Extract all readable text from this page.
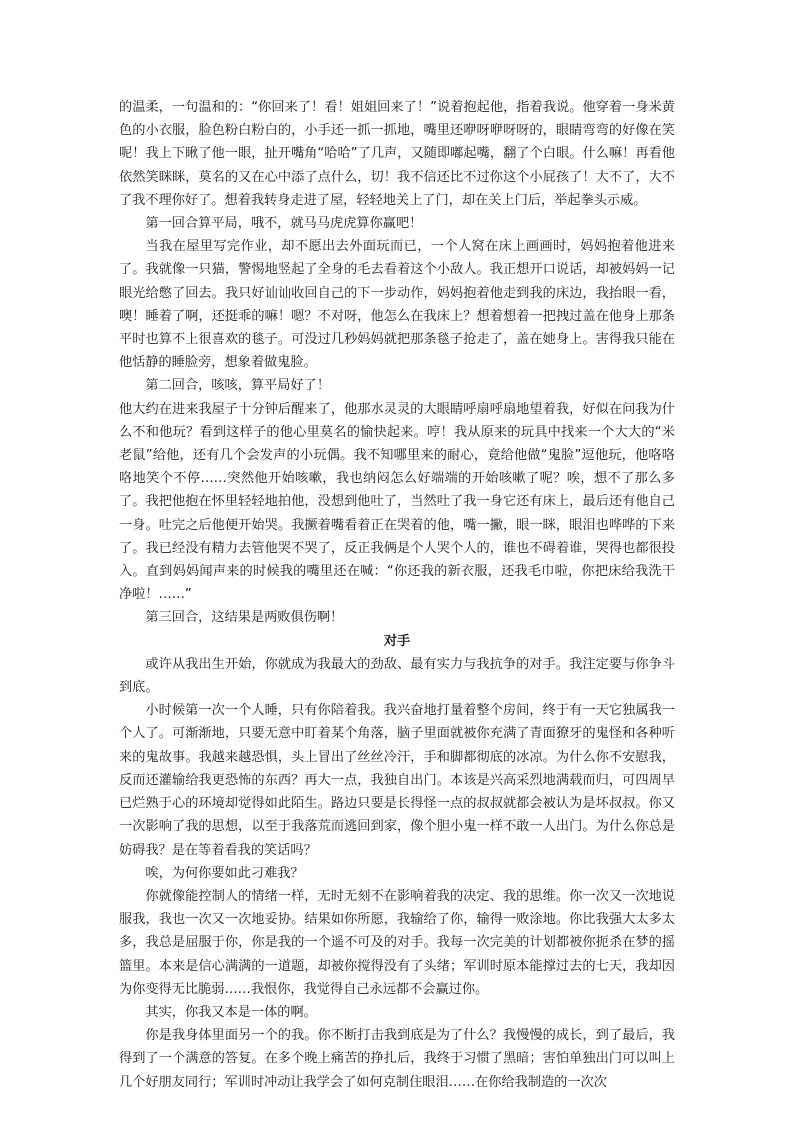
的温柔，一句温和的：“你回来了！看！姐姐回来了！”说着抱起他，指着我说。他穿着一身米黄色的小衣服，脸色粉白粉白的，小手还一抓一抓地，嘴里还咿呀咿呀呀的，眼睛弯弯的好像在笑呢！我上下瞅了他一眼，扯开嘴角“哈哈”了几声，又随即嘟起嘴，翻了个白眼。什么嘛！再看他依然笑眯眯，莫名的又在心中添了点什么，切！我不信还比不过你这个小屁孩了！大不了，大不了我不理你好了。想着我转身走进了屋，轻轻地关上了门，却在关上门后，举起拳头示威。

第一回合算平局，哦不，就马马虎虎算你赢吧！

当我在屋里写完作业，却不愿出去外面玩而已，一个人窝在床上画画时，妈妈抱着他进来了。我就像一只猫，警惕地竖起了全身的毛去看着这个小敌人。我正想开口说话，却被妈妈一记眼光给憋了回去。我只好讪讪收回自己的下一步动作，妈妈抱着他走到我的床边，我抬眼一看，噢！睡着了啊，还挺乖的嘛！嗯？不对呀，他怎么在我床上？想着想着一把拽过盖在他身上那条平时也算不上很喜欢的毯子。可没过几秒妈妈就把那条毯子抢走了，盖在她身上。害得我只能在他恬静的睡脸旁，想象着做鬼脸。

第二回合，咳咳，算平局好了！

他大约在进来我屋子十分钟后醒来了，他那水灵灵的大眼睛呼扇呼扇地望着我，好似在问我为什么不和他玩？看到这样子的他心里莫名的愉快起来。哼！我从原来的玩具中找来一个大大的“米老鼠”给他，还有几个会发声的小玩偶。我不知哪里来的耐心，竟给他做“鬼脸”逗他玩，他咯咯咯地笑个不停……突然他开始咳嗽，我也纳闷怎么好端端的开始咳嗽了呢？唉，想不了那么多了。我把他抱在怀里轻轻地拍他，没想到他吐了，当然吐了我一身它还有床上，最后还有他自己一身。吐完之后他便开始哭。我撅着嘴看着正在哭着的他，嘴一撇，眼一眯，眼泪也哗哗的下来了。我已经没有精力去管他哭不哭了，反正我俩是个人哭个人的，谁也不碍着谁，哭得也都很投入。直到妈妈闻声来的时候我的嘴里还在喊：“你还我的新衣服，还我毛巾啦，你把床给我洗干净啦！……”

第三回合，这结果是两败俱伤啊！

对手

或许从我出生开始，你就成为我最大的劲敌、最有实力与我抗争的对手。我注定要与你争斗到底。

小时候第一次一个人睡，只有你陪着我。我兴奋地打量着整个房间，终于有一天它独属我一个人了。可渐渐地，只要无意中盯着某个角落，脑子里面就被你充满了青面獠牙的鬼怪和各种听来的鬼故事。我越来越恐惧，头上冒出了丝丝冷汗，手和脚都彻底的冰凉。为什么你不安慰我，反而还灌输给我更恐怖的东西？再大一点，我独自出门。本该是兴高采烈地满载而归，可四周早已烂熟于心的环境却觉得如此陌生。路边只要是长得怪一点的叔叔就都会被认为是坏叔叔。你又一次影响了我的思想，以至于我落荒而逃回到家，像个胆小鬼一样不敢一人出门。为什么你总是妨碍我？是在等着看我的笑话吗？

唉，为何你要如此刁难我？

你就像能控制人的情绪一样，无时无刻不在影响着我的决定、我的思维。你一次又一次地说服我，我也一次又一次地妥协。结果如你所愿，我输给了你，输得一败涂地。你比我强大太多太多，我总是屈服于你，你是我的一个遥不可及的对手。我每一次完美的计划都被你扼杀在梦的摇篮里。本来是信心满满的一道题，却被你搅得没有了头绪；军训时原本能撑过去的七天，我却因为你变得无比脆弱……我恨你，我觉得自己永远都不会赢过你。

其实，你我又本是一体的啊。

你是我身体里面另一个的我。你不断打击我到底是为了什么？我慢慢的成长，到了最后，我得到了一个满意的答复。在多个晚上痛苦的挣扎后，我终于习惯了黑暗；害怕单独出门可以叫上几个好朋友同行；军训时冲动让我学会了如何克制住眼泪……在你给我制造的一次次
